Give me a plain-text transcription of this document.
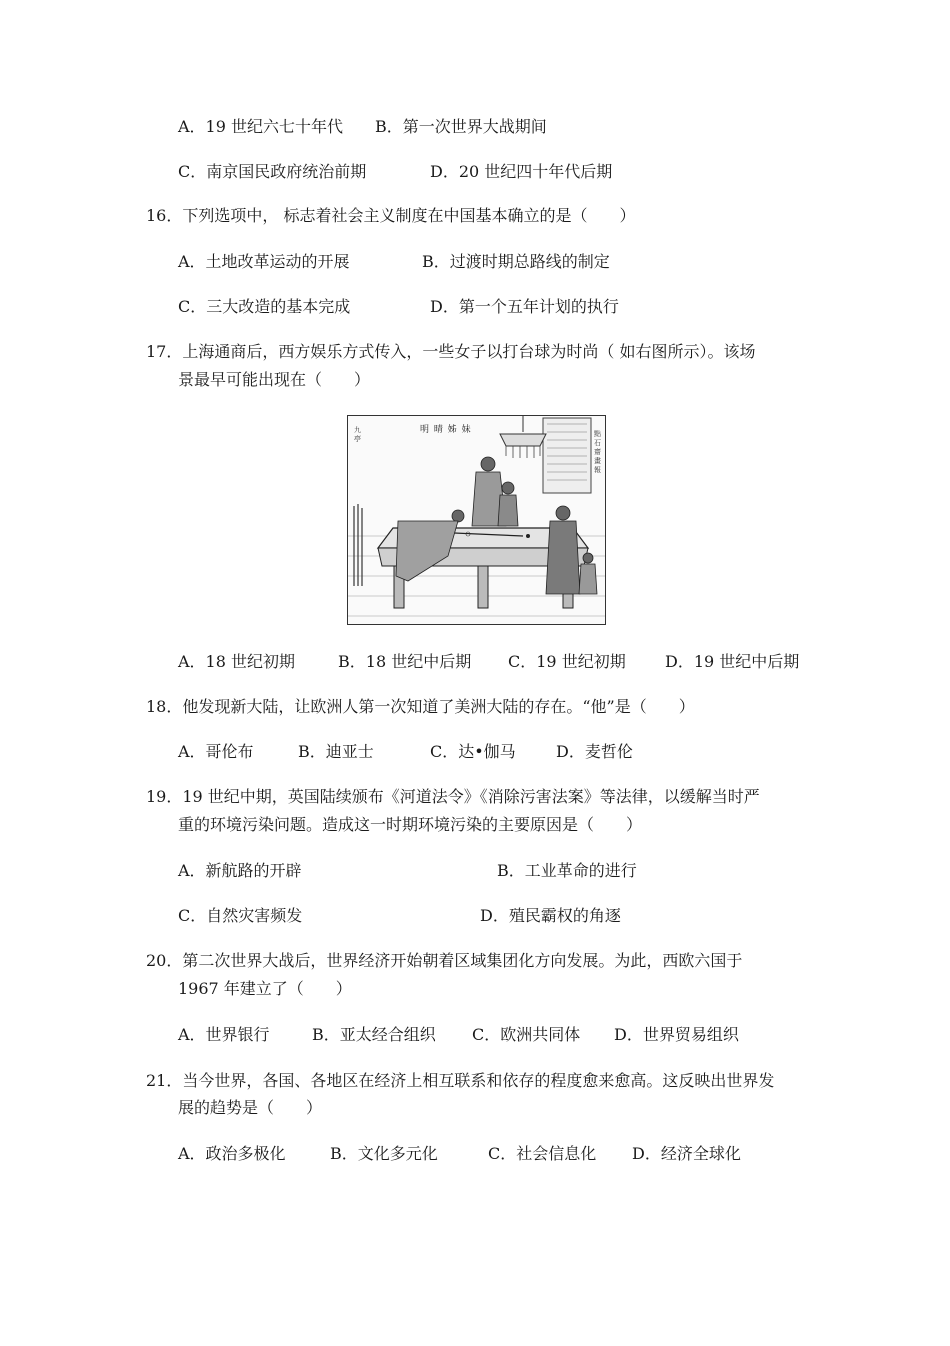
A．19 世纪六七十年代 B．第一次世界大战期间
C．南京国民政府统治前期	D．20 世纪四十年代后期
16．下列选项中， 标志着社会主义制度在中国基本确立的是（　　）
A．土地改革运动的开展	B．过渡时期总路线的制定
C．三大改造的基本完成	D．第一个五年计划的执行
17．上海通商后，西方娱乐方式传入，一些女子以打台球为时尚（ 如右图所示）。该场
景最早可能出现在（　　）
明 晴 姊 妹	點石齋畫報
九 亭
A．18 世纪初期	B．18 世纪中后期 C．19 世纪初期 D．19 世纪中后期
18．他发现新大陆，让欧洲人第一次知道了美洲大陆的存在。“他”是（　　）
A．哥伦布	B．迪亚士	C．达•伽马	D．麦哲伦
19．19 世纪中期，英国陆续颁布《河道法令》《消除污害法案》等法律，以缓解当时严
重的环境污染问题。造成这一时期环境污染的主要原因是（　　）
A．新航路的开辟	B．工业革命的进行
C．自然灾害频发	D．殖民霸权的角逐
20．第二次世界大战后，世界经济开始朝着区域集团化方向发展。为此，西欧六国于
1967 年建立了（　　）
A．世界银行	B．亚太经合组织 C．欧洲共同体 D．世界贸易组织
21．当今世界，各国、各地区在经济上相互联系和依存的程度愈来愈高。这反映出世界发
展的趋势是（　　）
A．政治多极化	B．文化多元化	C．社会信息化 D．经济全球化
